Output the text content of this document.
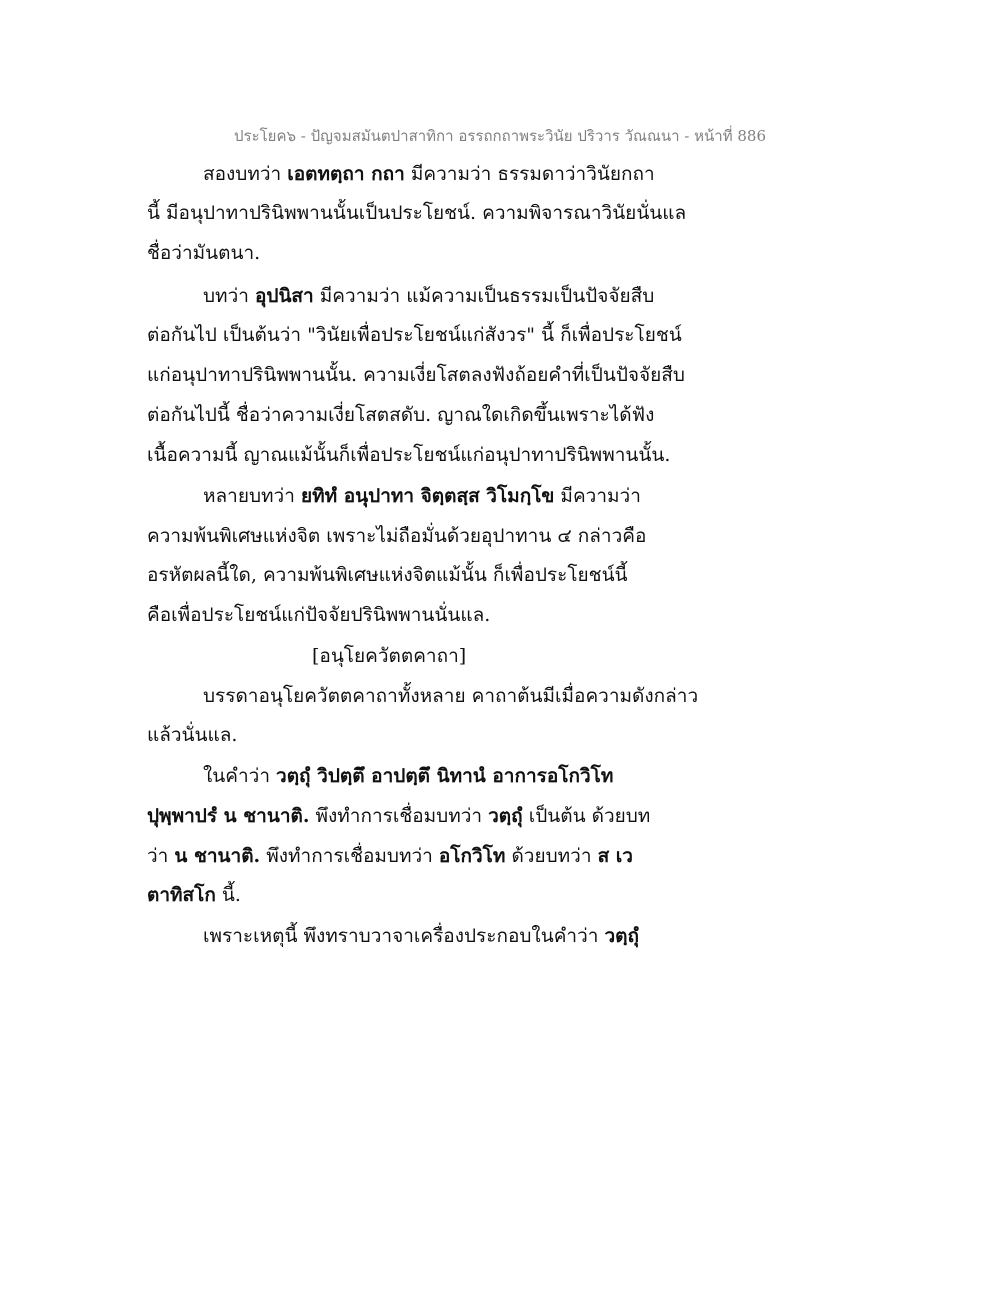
ประโยค๖ - ปัญจมสมันตปาสาทิกา อรรถกถาพระวินัย ปริวาร วัณณนา - หน้าที่ 886
สองบทว่า เอตทตฺถา กถา มีความว่า ธรรมดาว่าวินัยกถา
นี้ มีอนุปาทาปรินิพพานนั้นเป็นประโยชน์. ความพิจารณาวินัยนั่นแล
ชื่อว่ามันตนา.
บทว่า อุปนิสา มีความว่า แม้ความเป็นธรรมเป็นปัจจัยสืบ
ต่อกันไป เป็นต้นว่า "วินัยเพื่อประโยชน์แก่สังวร" นี้ ก็เพื่อประโยชน์
แก่อนุปาทาปรินิพพานนั้น. ความเงี่ยโสตลงฟังถ้อยคำที่เป็นปัจจัยสืบ
ต่อกันไปนี้ ชื่อว่าความเงี่ยโสตสดับ. ญาณใดเกิดขึ้นเพราะได้ฟัง
เนื้อความนี้ ญาณแม้นั้นก็เพื่อประโยชน์แก่อนุปาทาปรินิพพานนั้น.
หลายบทว่า ยทิทํ อนุปาทา จิตฺตสฺส วิโมกฺโข มีความว่า
ความพ้นพิเศษแห่งจิต เพราะไม่ถือมั่นด้วยอุปาทาน ๔ กล่าวคือ
อรหัตผลนี้ใด, ความพ้นพิเศษแห่งจิตแม้นั้น ก็เพื่อประโยชน์นี้
คือเพื่อประโยชน์แก่ปัจจัยปรินิพพานนั่นแล.
[อนุโยควัตตคาถา]
บรรดาอนุโยควัตตคาถาทั้งหลาย คาถาต้นมีเมื่อความดังกล่าว
แล้วนั่นแล.
ในคำว่า วตฺถุํ วิปตฺตึ อาปตฺตึ นิทานํ อาการอโกวิโท
ปุพฺพาปรํ น ชานาติ. พึงทำการเชื่อมบทว่า วตฺถุํ เป็นต้น ด้วยบท
ว่า น ชานาติ. พึงทำการเชื่อมบทว่า อโกวิโท ด้วยบทว่า ส เว
ตาทิสโก นี้.
เพราะเหตุนี้ พึงทราบวาจาเครื่องประกอบในคำว่า วตฺถุํ
